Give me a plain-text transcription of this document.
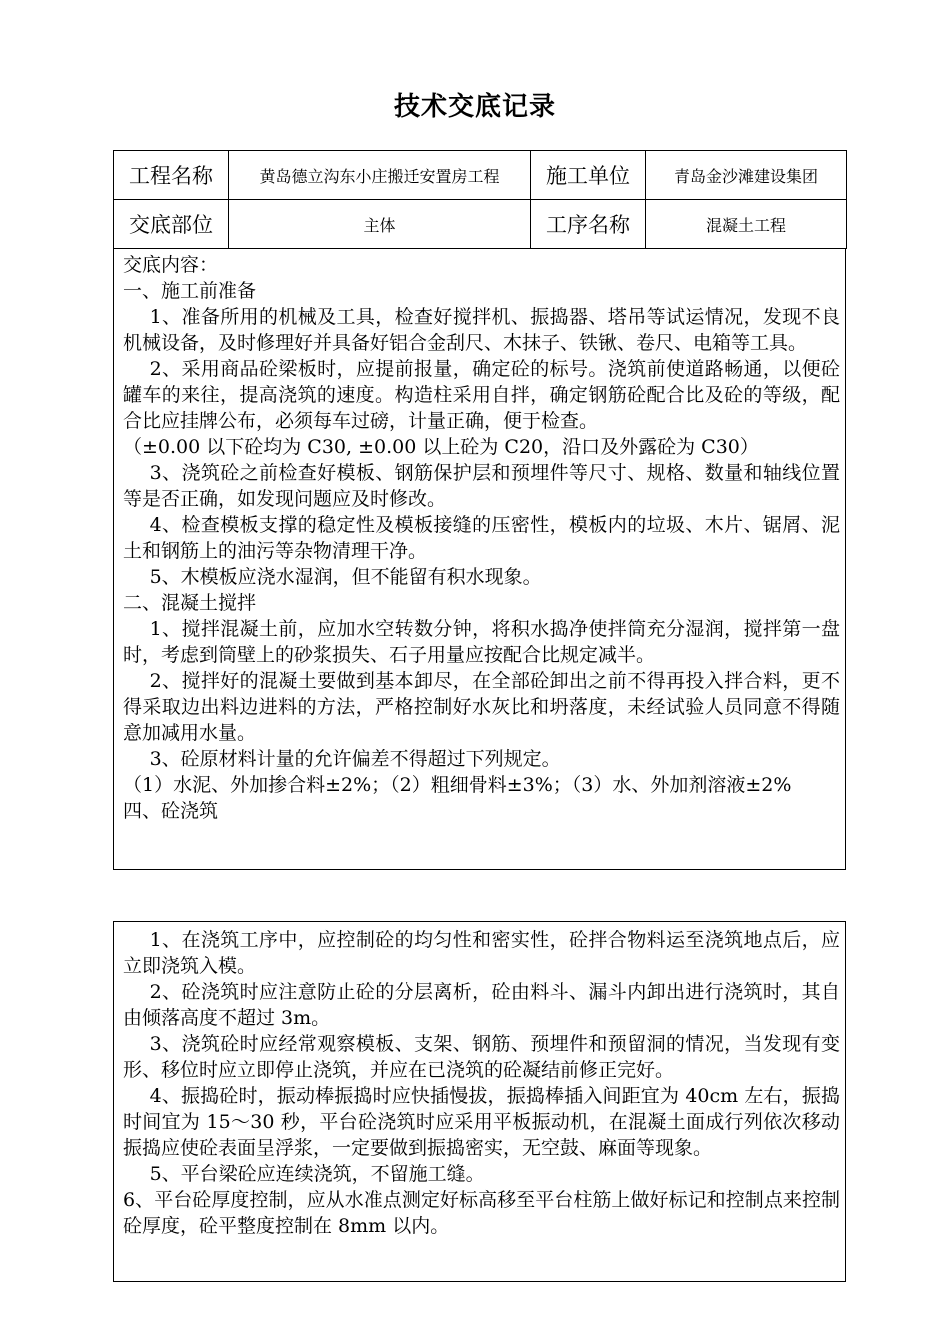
技术交底记录
工程名称	黄岛德立沟东小庄搬迁安置房工程	施工单位	青岛金沙滩建设集团
交底部位	主体	工序名称	混凝土工程

交底内容：

一、施工前准备

1、准备所用的机械及工具，检查好搅拌机、振捣器、塔吊等试运情况，发现不良机械设备，及时修理好并具备好铝合金刮尺、木抹子、铁锹、卷尺、电箱等工具。

2、采用商品砼梁板时，应提前报量，确定砼的标号。浇筑前使道路畅通，以便砼罐车的来往，提高浇筑的速度。构造柱采用自拌，确定钢筋砼配合比及砼的等级，配合比应挂牌公布，必须每车过磅，计量正确，便于检查。

（±0.00 以下砼均为 C30, ±0.00 以上砼为 C20，沿口及外露砼为 C30）

3、浇筑砼之前检查好模板、钢筋保护层和预埋件等尺寸、规格、数量和轴线位置等是否正确，如发现问题应及时修改。

4、检查模板支撑的稳定性及模板接缝的压密性，模板内的垃圾、木片、锯屑、泥土和钢筋上的油污等杂物清理干净。

5、木模板应浇水湿润，但不能留有积水现象。

二、混凝土搅拌

1、搅拌混凝土前，应加水空转数分钟，将积水捣净使拌筒充分湿润，搅拌第一盘时，考虑到筒壁上的砂浆损失、石子用量应按配合比规定减半。

2、搅拌好的混凝土要做到基本卸尽，在全部砼卸出之前不得再投入拌合料，更不得采取边出料边进料的方法，严格控制好水灰比和坍落度，未经试验人员同意不得随意加减用水量。

3、砼原材料计量的允许偏差不得超过下列规定。

（1）水泥、外加掺合料±2%；（2）粗细骨料±3%；（3）水、外加剂溶液±2%

四、砼浇筑

1、在浇筑工序中，应控制砼的均匀性和密实性，砼拌合物料运至浇筑地点后，应立即浇筑入模。

2、砼浇筑时应注意防止砼的分层离析，砼由料斗、漏斗内卸出进行浇筑时，其自由倾落高度不超过 3m。

3、浇筑砼时应经常观察模板、支架、钢筋、预埋件和预留洞的情况，当发现有变形、移位时应立即停止浇筑，并应在已浇筑的砼凝结前修正完好。

4、振捣砼时，振动棒振捣时应快插慢拔，振捣棒插入间距宜为 40cm 左右，振捣时间宜为 15～30 秒，平台砼浇筑时应采用平板振动机，在混凝土面成行列依次移动振捣应使砼表面呈浮浆，一定要做到振捣密实，无空鼓、麻面等现象。

5、平台梁砼应连续浇筑，不留施工缝。

6、平台砼厚度控制，应从水准点测定好标高移至平台柱筋上做好标记和控制点来控制砼厚度，砼平整度控制在 8mm 以内。
